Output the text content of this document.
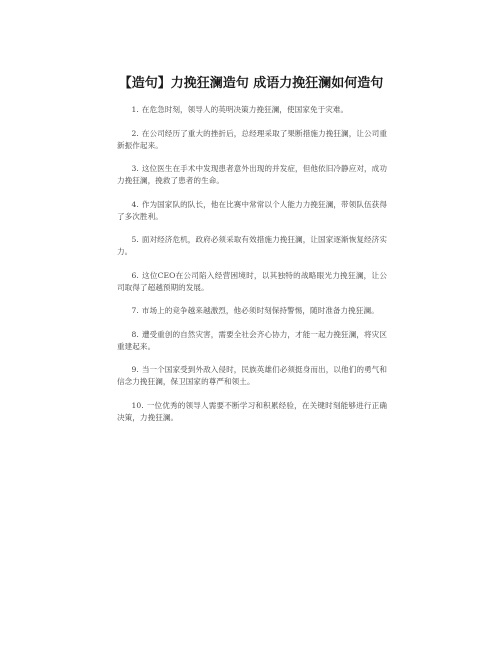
【造句】力挽狂澜造句 成语力挽狂澜如何造句
1. 在危急时刻，领导人的英明决策力挽狂澜，使国家免于灾难。
2. 在公司经历了重大的挫折后，总经理采取了果断措施力挽狂澜，让公司重新振作起来。
3. 这位医生在手术中发现患者意外出现的并发症，但他依旧冷静应对，成功力挽狂澜，挽救了患者的生命。
4. 作为国家队的队长，他在比赛中常常以个人能力力挽狂澜，带领队伍获得了多次胜利。
5. 面对经济危机，政府必须采取有效措施力挽狂澜，让国家逐渐恢复经济实力。
6. 这位CEO在公司陷入经营困境时，以其独特的战略眼光力挽狂澜，让公司取得了超越预期的发展。
7. 市场上的竞争越来越激烈，他必须时刻保持警惕，随时准备力挽狂澜。
8. 遭受重创的自然灾害，需要全社会齐心协力，才能一起力挽狂澜，将灾区重建起来。
9. 当一个国家受到外敌入侵时，民族英雄们必须挺身而出，以他们的勇气和信念力挽狂澜，保卫国家的尊严和领土。
10. 一位优秀的领导人需要不断学习和积累经验，在关键时刻能够进行正确决策，力挽狂澜。
